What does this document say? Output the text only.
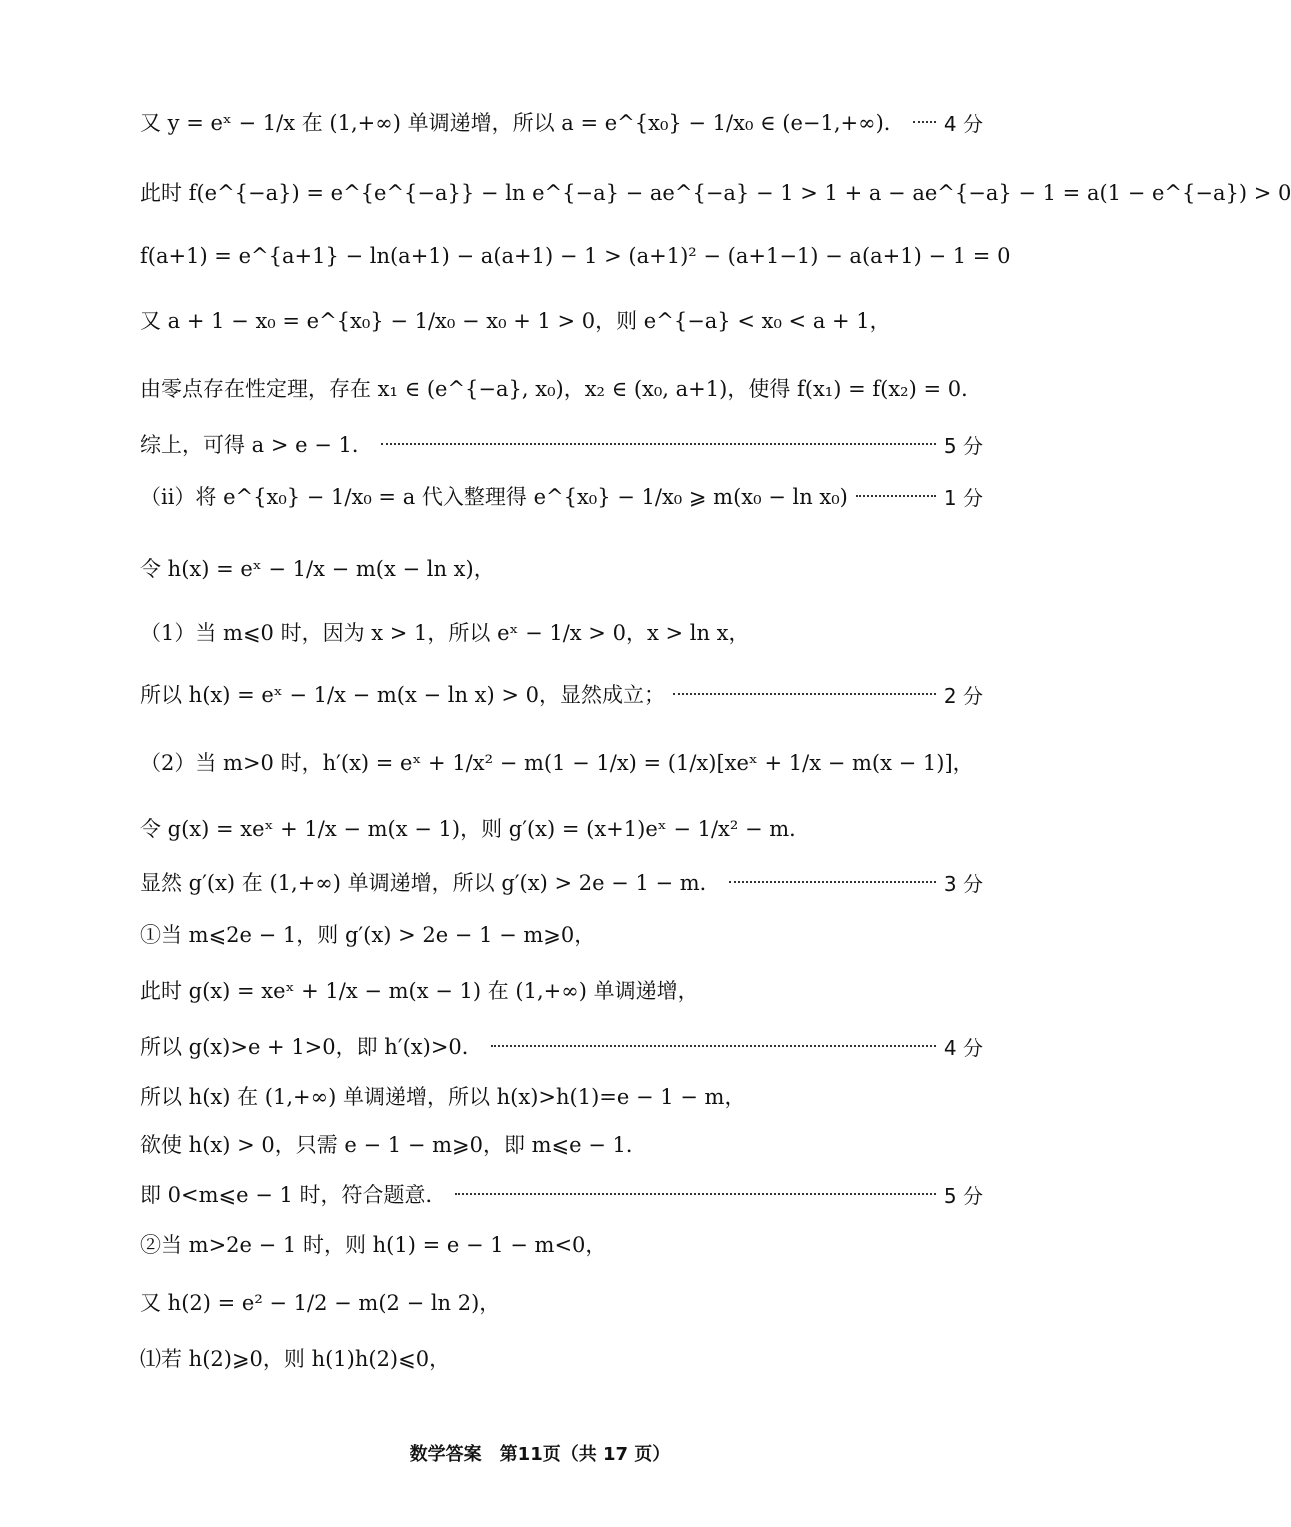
又 y = eˣ − 1/x 在 (1,+∞) 单调递增，所以 a = e^{x₀} − 1/x₀ ∈ (e−1,+∞)． 4 分
此时 f(e^{−a}) = e^{e^{−a}} − ln e^{−a} − ae^{−a} − 1 > 1 + a − ae^{−a} − 1 = a(1 − e^{−a}) > 0
f(a+1) = e^{a+1} − ln(a+1) − a(a+1) − 1 > (a+1)² − (a+1−1) − a(a+1) − 1 = 0
又 a + 1 − x₀ = e^{x₀} − 1/x₀ − x₀ + 1 > 0，则 e^{−a} < x₀ < a + 1，
由零点存在性定理，存在 x₁ ∈ (e^{−a}, x₀)，x₂ ∈ (x₀, a+1)，使得 f(x₁) = f(x₂) = 0．
综上，可得 a > e − 1．	5 分
（ii）将 e^{x₀} − 1/x₀ = a 代入整理得 e^{x₀} − 1/x₀ ⩾ m(x₀ − ln x₀)	1 分
令 h(x) = eˣ − 1/x − m(x − ln x)，
（1）当 m⩽0 时，因为 x > 1，所以 eˣ − 1/x > 0，x > ln x，
所以 h(x) = eˣ − 1/x − m(x − ln x) > 0，显然成立；	2 分
（2）当 m>0 时，h′(x) = eˣ + 1/x² − m(1 − 1/x) = (1/x)[xeˣ + 1/x − m(x − 1)]，
令 g(x) = xeˣ + 1/x − m(x − 1)，则 g′(x) = (x+1)eˣ − 1/x² − m．
显然 g′(x) 在 (1,+∞) 单调递增，所以 g′(x) > 2e − 1 − m．	3 分
①当 m⩽2e − 1，则 g′(x) > 2e − 1 − m⩾0，
此时 g(x) = xeˣ + 1/x − m(x − 1) 在 (1,+∞) 单调递增，
所以 g(x)>e + 1>0，即 h′(x)>0．	4 分
所以 h(x) 在 (1,+∞) 单调递增，所以 h(x)>h(1)=e − 1 − m，
欲使 h(x) > 0，只需 e − 1 − m⩾0，即 m⩽e − 1．
即 0<m⩽e − 1 时，符合题意．	5 分
②当 m>2e − 1 时，则 h(1) = e − 1 − m<0，
又 h(2) = e² − 1/2 − m(2 − ln 2)，
⑴若 h(2)⩾0，则 h(1)h(2)⩽0，
数学答案　第11页（共 17 页）
